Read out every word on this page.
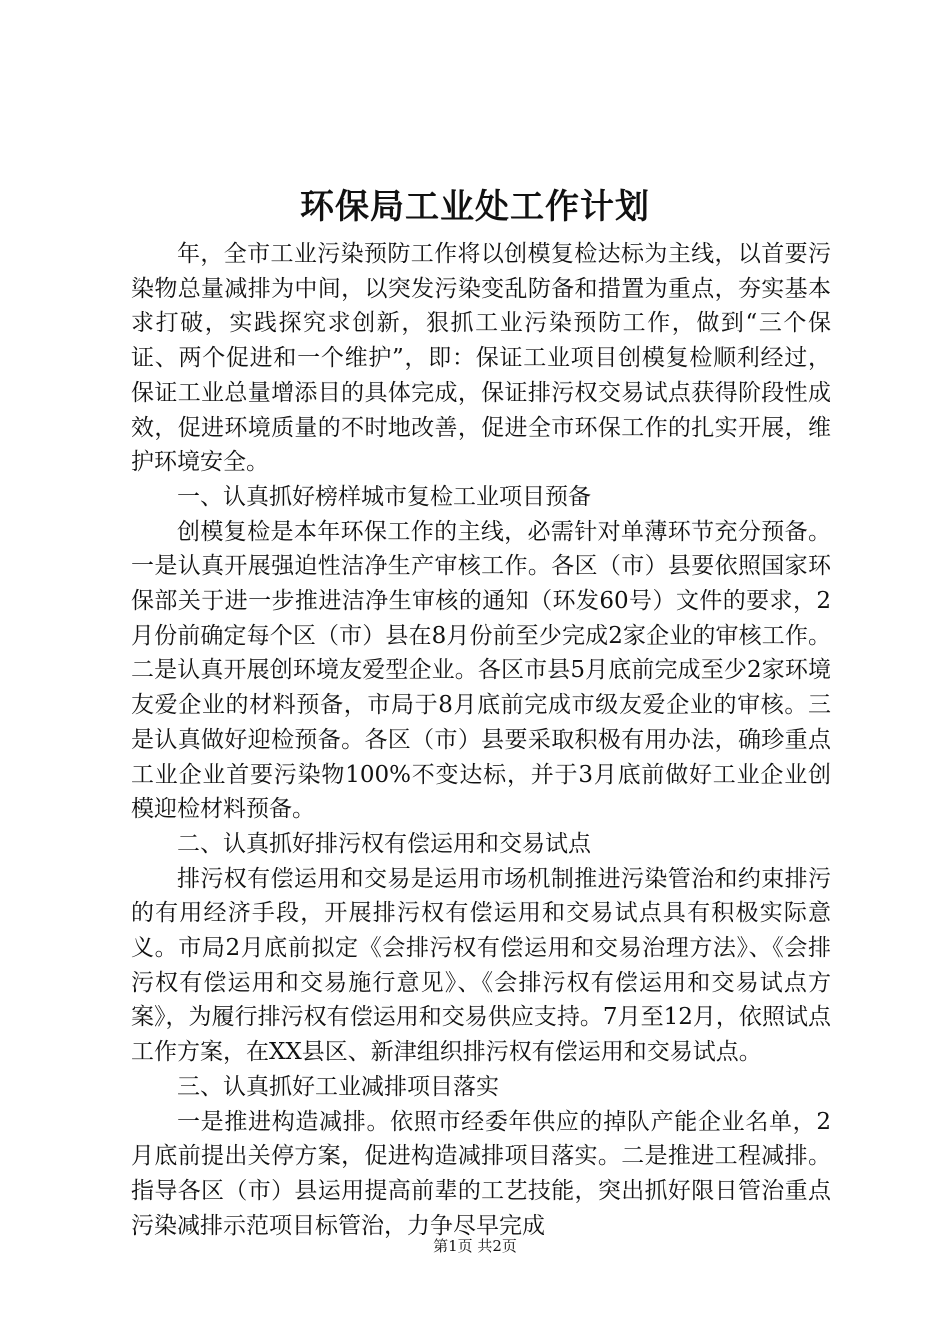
环保局工业处工作计划

年，全市工业污染预防工作将以创模复检达标为主线，以首要污染物总量减排为中间，以突发污染变乱防备和措置为重点，夯实基本求打破，实践探究求创新，狠抓工业污染预防工作，做到“三个保证、两个促进和一个维护”，即：保证工业项目创模复检顺利经过，保证工业总量增添目的具体完成，保证排污权交易试点获得阶段性成效，促进环境质量的不时地改善，促进全市环保工作的扎实开展，维护环境安全。

一、认真抓好榜样城市复检工业项目预备

创模复检是本年环保工作的主线，必需针对单薄环节充分预备。一是认真开展强迫性洁净生产审核工作。各区（市）县要依照国家环保部关于进一步推进洁净生审核的通知（环发60号）文件的要求，2月份前确定每个区（市）县在8月份前至少完成2家企业的审核工作。二是认真开展创环境友爱型企业。各区市县5月底前完成至少2家环境友爱企业的材料预备，市局于8月底前完成市级友爱企业的审核。三是认真做好迎检预备。各区（市）县要采取积极有用办法，确珍重点工业企业首要污染物100%不变达标，并于3月底前做好工业企业创模迎检材料预备。

二、认真抓好排污权有偿运用和交易试点

排污权有偿运用和交易是运用市场机制推进污染管治和约束排污的有用经济手段，开展排污权有偿运用和交易试点具有积极实际意义。市局2月底前拟定《会排污权有偿运用和交易治理方法》、《会排污权有偿运用和交易施行意见》、《会排污权有偿运用和交易试点方案》，为履行排污权有偿运用和交易供应支持。7月至12月，依照试点工作方案，在XX县区、新津组织排污权有偿运用和交易试点。

三、认真抓好工业减排项目落实

一是推进构造减排。依照市经委年供应的掉队产能企业名单，2月底前提出关停方案，促进构造减排项目落实。二是推进工程减排。指导各区（市）县运用提高前辈的工艺技能，突出抓好限日管治重点污染减排示范项目标管治，力争尽早完成

第1页 共2页
